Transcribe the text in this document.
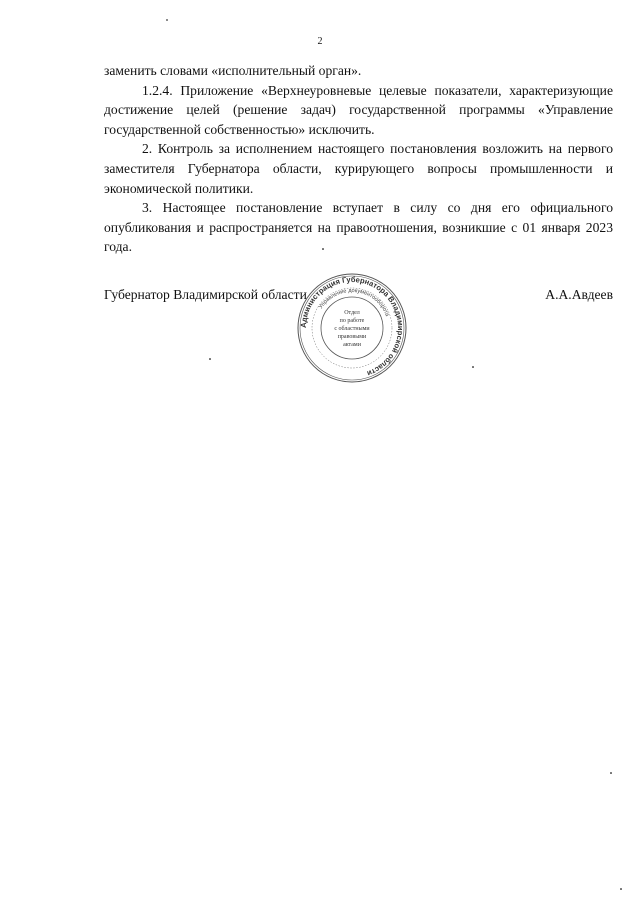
2

заменить словами «исполнительный орган».

1.2.4. Приложение «Верхнеуровневые целевые показатели, характеризующие достижение целей (решение задач) государственной программы «Управление государственной собственностью» исключить.

2. Контроль за исполнением настоящего постановления возложить на первого заместителя Губернатора области, курирующего вопросы промышленности и экономической политики.

3. Настоящее постановление вступает в силу со дня его официального опубликования и распространяется на правоотношения, возникшие с 01 января 2023 года.

Губернатор Владимирской области	А.А.Авдеев
Администрация Губернатора Владимирской области
Управление документооборота
Отдел
по работе
с областными
правовыми
актами
